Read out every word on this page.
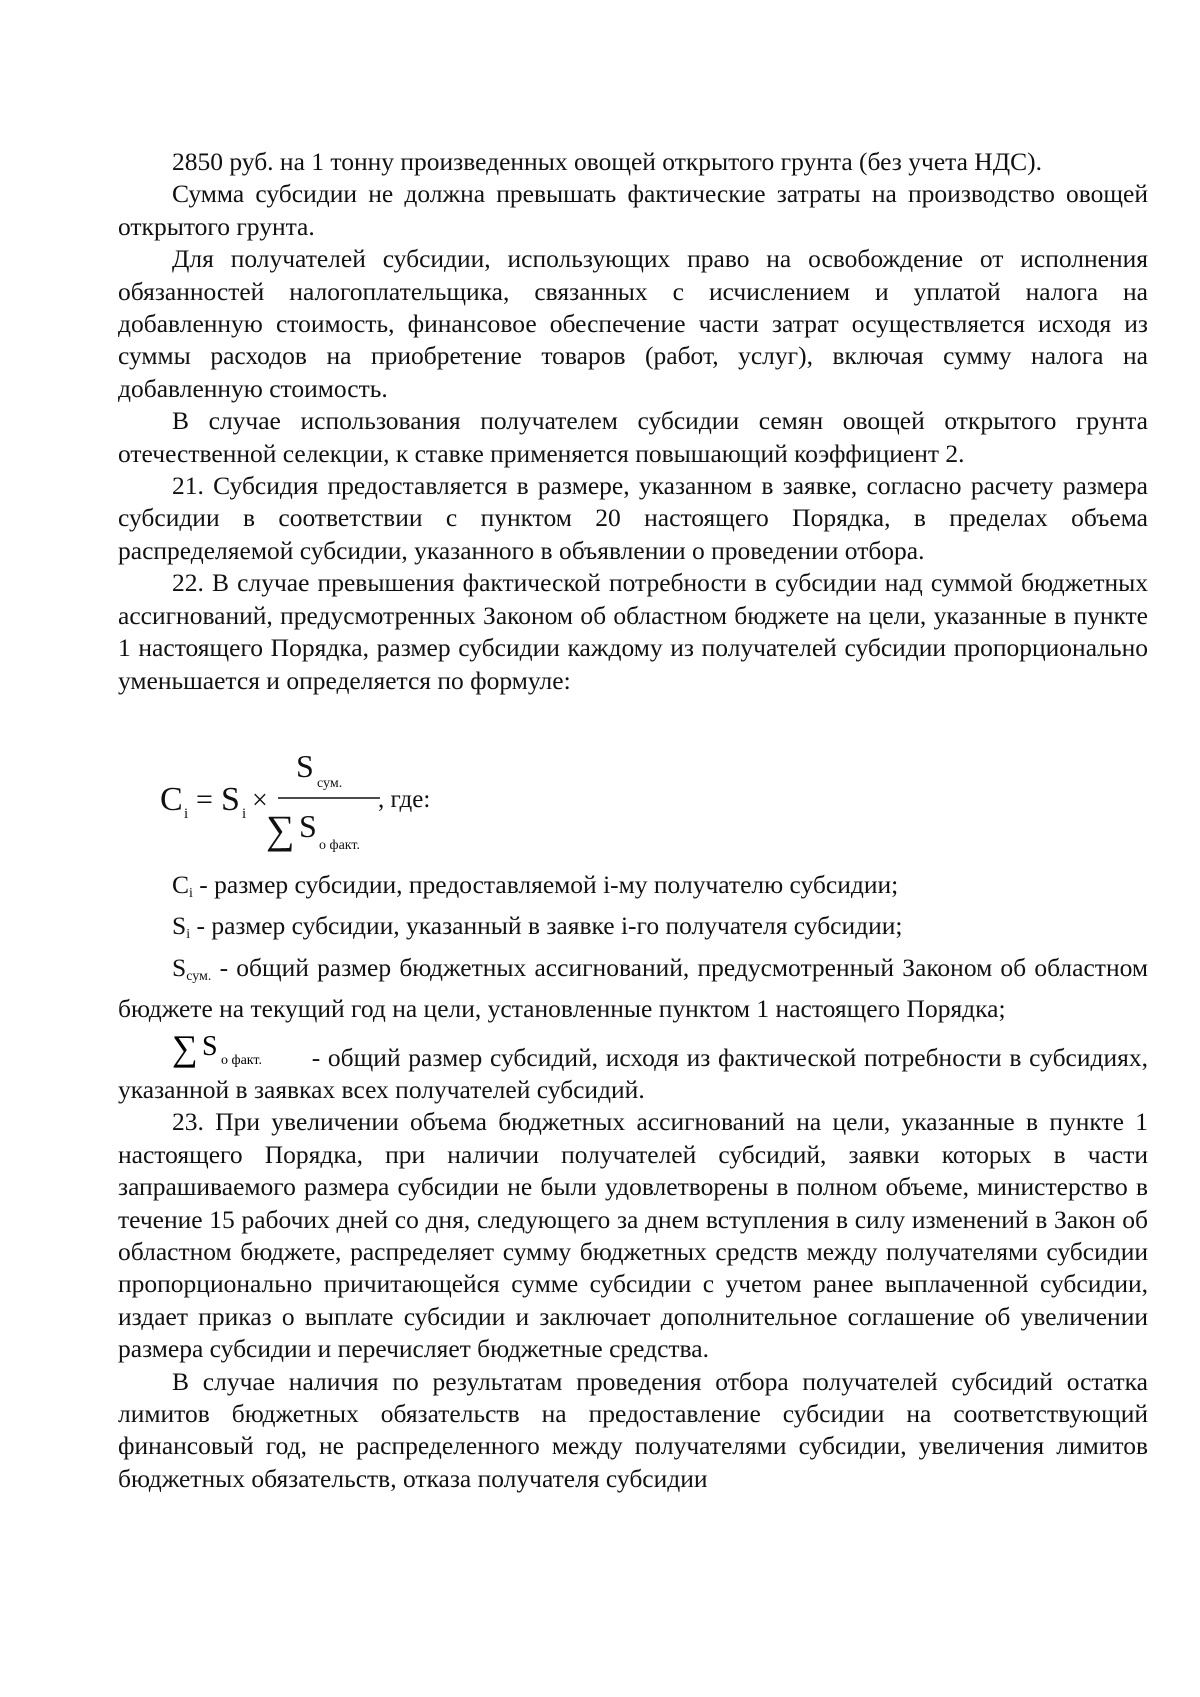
2850 руб. на 1 тонну произведенных овощей открытого грунта (без учета НДС).

Сумма субсидии не должна превышать фактические затраты на производство овощей открытого грунта.

Для получателей субсидии, использующих право на освобождение от исполнения обязанностей налогоплательщика, связанных с исчислением и уплатой налога на добавленную стоимость, финансовое обеспечение части затрат осуществляется исходя из суммы расходов на приобретение товаров (работ, услуг), включая сумму налога на добавленную стоимость.

В случае использования получателем субсидии семян овощей открытого грунта отечественной селекции, к ставке применяется повышающий коэффициент 2.

21. Субсидия предоставляется в размере, указанном в заявке, согласно расчету размера субсидии в соответствии с пунктом 20 настоящего Порядка, в пределах объема распределяемой субсидии, указанного в объявлении о проведении отбора.

22. В случае превышения фактической потребности в субсидии над суммой бюджетных ассигнований, предусмотренных Законом об областном бюджете на цели, указанные в пункте 1 настоящего Порядка, размер субсидии каждому из получателей субсидии пропорционально уменьшается и определяется по формуле:

C i = S i ×
S сум.
∑ S
о факт.
, где:

$C_i$ - размер субсидии, предоставляемой i-му получателю субсидии;

$S_i$ - размер субсидии, указанный в заявке i-го получателя субсидии;

$S_{сум.}$ - общий размер бюджетных ассигнований, предусмотренный Законом об областном бюджете на текущий год на цели, установленные пунктом 1 настоящего Порядка;

∑ S о факт. - общий размер субсидий, исходя из фактической потребности в субсидиях, указанной в заявках всех получателей субсидий.

23. При увеличении объема бюджетных ассигнований на цели, указанные в пункте 1 настоящего Порядка, при наличии получателей субсидий, заявки которых в части запрашиваемого размера субсидии не были удовлетворены в полном объеме, министерство в течение 15 рабочих дней со дня, следующего за днем вступления в силу изменений в Закон об областном бюджете, распределяет сумму бюджетных средств между получателями субсидии пропорционально причитающейся сумме субсидии с учетом ранее выплаченной субсидии, издает приказ о выплате субсидии и заключает дополнительное соглашение об увеличении размера субсидии и перечисляет бюджетные средства.

В случае наличия по результатам проведения отбора получателей субсидий остатка лимитов бюджетных обязательств на предоставление субсидии на соответствующий финансовый год, не распределенного между получателями субсидии, увеличения лимитов бюджетных обязательств, отказа получателя субсидии
